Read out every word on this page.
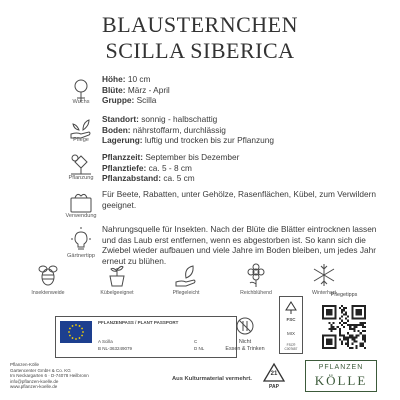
BLAUSTERNCHEN
SCILLA SIBERICA
Wuchs
Höhe: 10 cm
Blüte: März - April
Gruppe: Scilla
Pflege
Standort: sonnig - halbschattig
Boden: nährstoffarm, durchlässig
Lagerung: luftig und trocken bis zur Pflanzung
Pflanzung
Pflanzzeit: September bis Dezember
Pflanztiefe: ca. 5 - 8 cm
Pflanzabstand: ca. 5 cm
Verwendung
Für Beete, Rabatten, unter Gehölze, Rasenflächen, Kübel, zum Verwildern geeignet.
Gärtnertipp
Nahrungsquelle für Insekten. Nach der Blüte die Blätter eintrocknen lassen und das Laub erst entfernen, wenn es abgestorben ist. So kann sich die Zwiebel wieder aufbauen und viele Jahre im Boden bleiben, um jedes Jahr erneut zu blühen.
Insektenweide	Kübelgeeignet	Pflegeleicht	Reichblühend	Winterhart
PFLANZENPASS / PLANT PASSPORT
A Scilla
B NL-363249079
C
D NL
Nicht
Essen & Trinken
FSC
MIX
FSC® C007657
Pflegetipps
Pflanzen-Kölle
Gartencenter GmbH & Co. KG
Im Neckargarten 6 · D-74078 Heilbronn
info@pflanzen-koelle.de
www.pflanzen-koelle.de
Aus Kulturmaterial vermehrt.
21
PAP
PFLANZEN
KÖLLE
